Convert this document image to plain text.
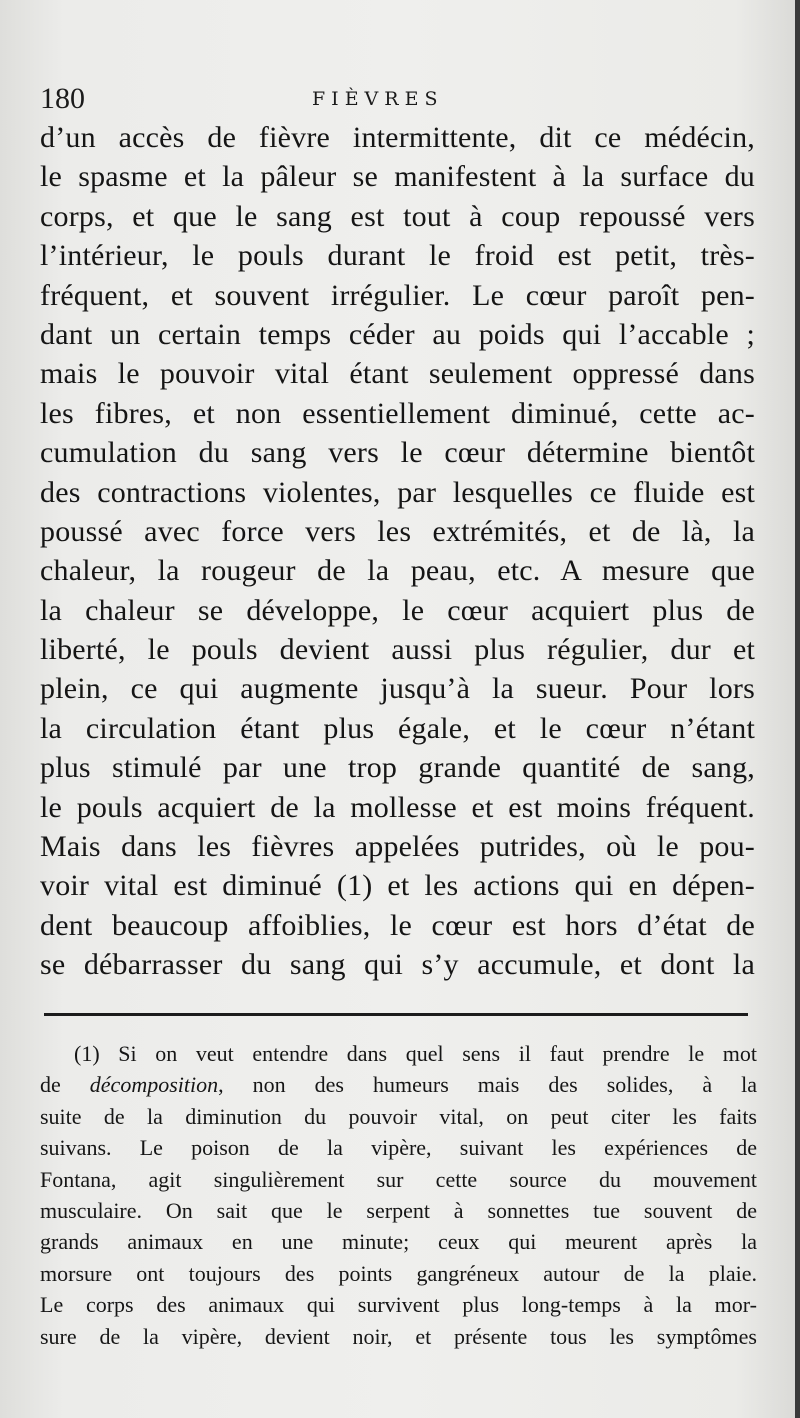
180	FIÈVRES
d’un accès de fièvre intermittente, dit ce médécin,
le spasme et la pâleur se manifestent à la surface du
corps, et que le sang est tout à coup repoussé vers
l’intérieur, le pouls durant le froid est petit, très-
fréquent, et souvent irrégulier. Le cœur paroît pen-
dant un certain temps céder au poids qui l’accable ;
mais le pouvoir vital étant seulement oppressé dans
les fibres, et non essentiellement diminué, cette ac-
cumulation du sang vers le cœur détermine bientôt
des contractions violentes, par lesquelles ce fluide est
poussé avec force vers les extrémités, et de là, la
chaleur, la rougeur de la peau, etc. A mesure que
la chaleur se développe, le cœur acquiert plus de
liberté, le pouls devient aussi plus régulier, dur et
plein, ce qui augmente jusqu’à la sueur. Pour lors
la circulation étant plus égale, et le cœur n’étant
plus stimulé par une trop grande quantité de sang,
le pouls acquiert de la mollesse et est moins fréquent.
Mais dans les fièvres appelées putrides, où le pou-
voir vital est diminué (1) et les actions qui en dépen-
dent beaucoup affoiblies, le cœur est hors d’état de
se débarrasser du sang qui s’y accumule, et dont la
(1) Si on veut entendre dans quel sens il faut prendre le mot
de décomposition, non des humeurs mais des solides, à la
suite de la diminution du pouvoir vital, on peut citer les faits
suivans. Le poison de la vipère, suivant les expériences de
Fontana, agit singulièrement sur cette source du mouvement
musculaire. On sait que le serpent à sonnettes tue souvent de
grands animaux en une minute; ceux qui meurent après la
morsure ont toujours des points gangréneux autour de la plaie.
Le corps des animaux qui survivent plus long-temps à la mor-
sure de la vipère, devient noir, et présente tous les symptômes
